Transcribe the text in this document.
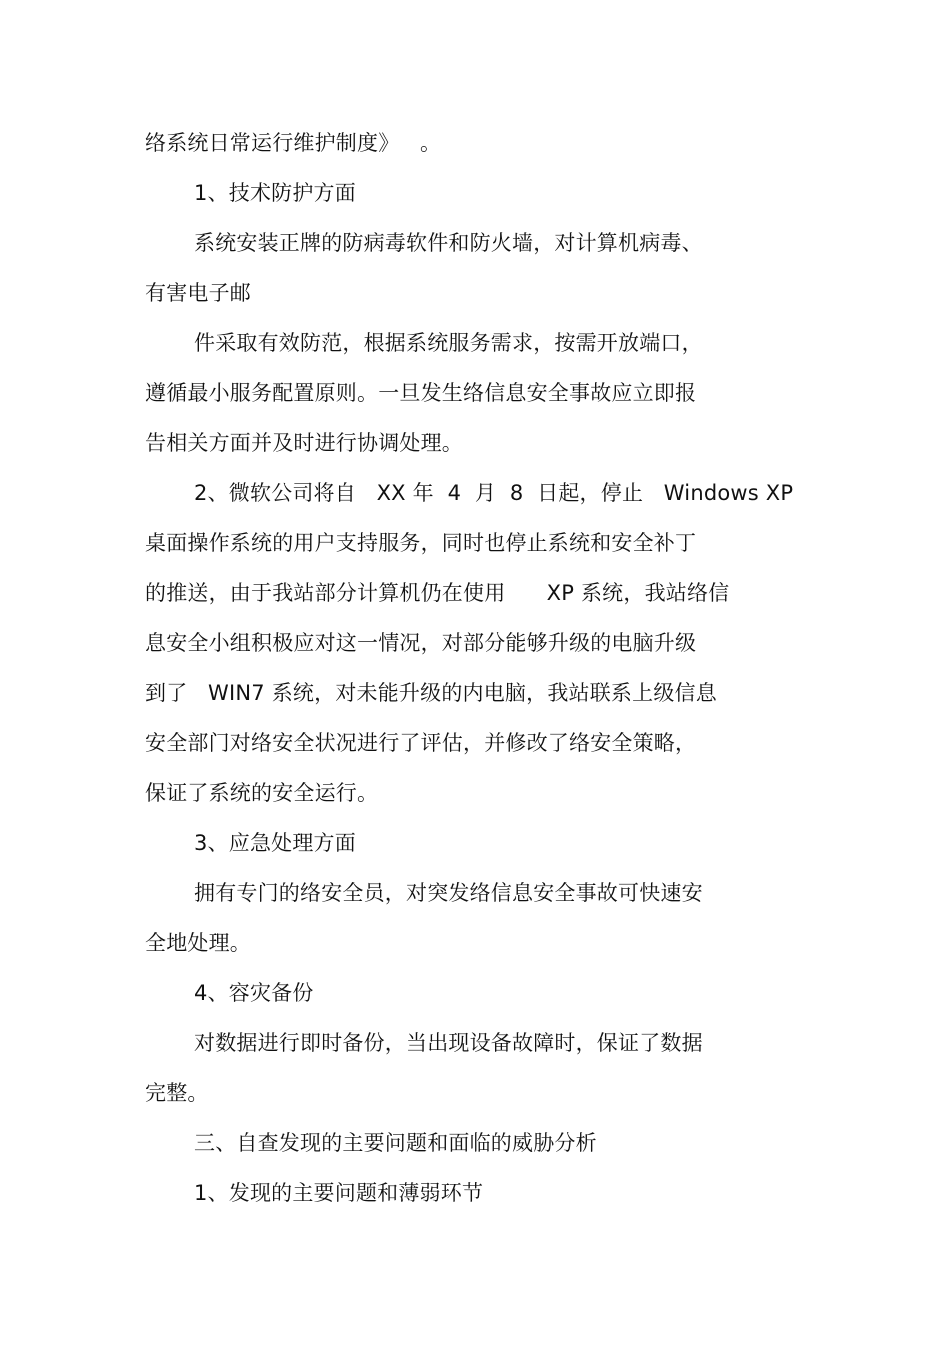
络系统日常运行维护制度》   。
1、技术防护方面
系统安装正牌的防病毒软件和防火墙，对计算机病毒、
有害电子邮
件采取有效防范，根据系统服务需求，按需开放端口，
遵循最小服务配置原则。一旦发生络信息安全事故应立即报
告相关方面并及时进行协调处理。
2、微软公司将自   XX 年  4  月  8  日起，停止   Windows XP
桌面操作系统的用户支持服务，同时也停止系统和安全补丁
的推送，由于我站部分计算机仍在使用      XP 系统，我站络信
息安全小组积极应对这一情况，对部分能够升级的电脑升级
到了   WIN7 系统，对未能升级的内电脑，我站联系上级信息
安全部门对络安全状况进行了评估，并修改了络安全策略，
保证了系统的安全运行。
3、应急处理方面
拥有专门的络安全员，对突发络信息安全事故可快速安
全地处理。
4、容灾备份
对数据进行即时备份，当出现设备故障时，保证了数据
完整。
三、自查发现的主要问题和面临的威胁分析
1、发现的主要问题和薄弱环节
